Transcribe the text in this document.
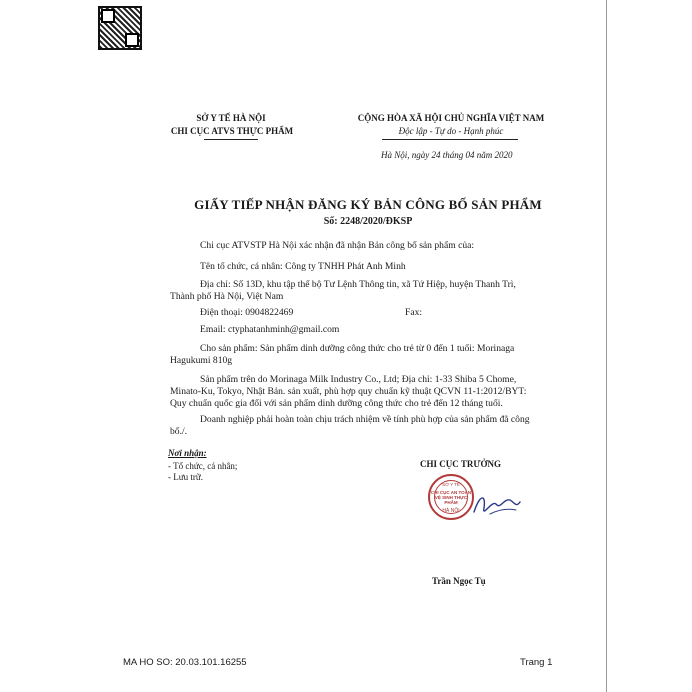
SỞ Y TẾ HÀ NỘI
CHI CỤC ATVS THỰC PHẨM
CỘNG HÒA XÃ HỘI CHỦ NGHĨA VIỆT NAM
Độc lập - Tự do - Hạnh phúc
Hà Nội, ngày 24 tháng 04 năm 2020
GIẤY TIẾP NHẬN ĐĂNG KÝ BẢN CÔNG BỐ SẢN PHẨM
Số: 2248/2020/ĐKSP
Chi cục ATVSTP Hà Nội xác nhận đã nhận Bản công bố sản phẩm của:
Tên tổ chức, cá nhân: Công ty TNHH Phát Anh Minh
Địa chỉ: Số 13D, khu tập thể bộ Tư Lệnh Thông tin, xã Tứ Hiệp, huyện Thanh Trì,
Thành phố Hà Nội, Việt Nam
Điện thoại: 0904822469	Fax:
Email: ctyphatanhminh@gmail.com
Cho sản phẩm: Sản phẩm dinh dưỡng công thức cho trẻ từ 0 đến 1 tuổi: Morinaga
Hagukumi 810g
Sản phẩm trên do Morinaga Milk Industry Co., Ltd; Địa chỉ: 1-33 Shiba 5 Chome,
Minato-Ku, Tokyo, Nhật Bản. sản xuất, phù hợp quy chuẩn kỹ thuật QCVN 11-1:2012/BYT:
Quy chuẩn quốc gia đối với sản phẩm dinh dưỡng công thức cho trẻ đến 12 tháng tuổi.
Doanh nghiệp phải hoàn toàn chịu trách nhiệm về tính phù hợp của sản phẩm đã công
bố./.
Nơi nhận:
- Tổ chức, cá nhân;
- Lưu trữ.
CHI CỤC TRƯỞNG
SỞ Y TẾ
CHI CỤC AN TOÀN VỆ SINH THỰC PHẨM
HÀ NỘI
Trần Ngọc Tụ
MA HO SO: 20.03.101.16255	Trang 1
